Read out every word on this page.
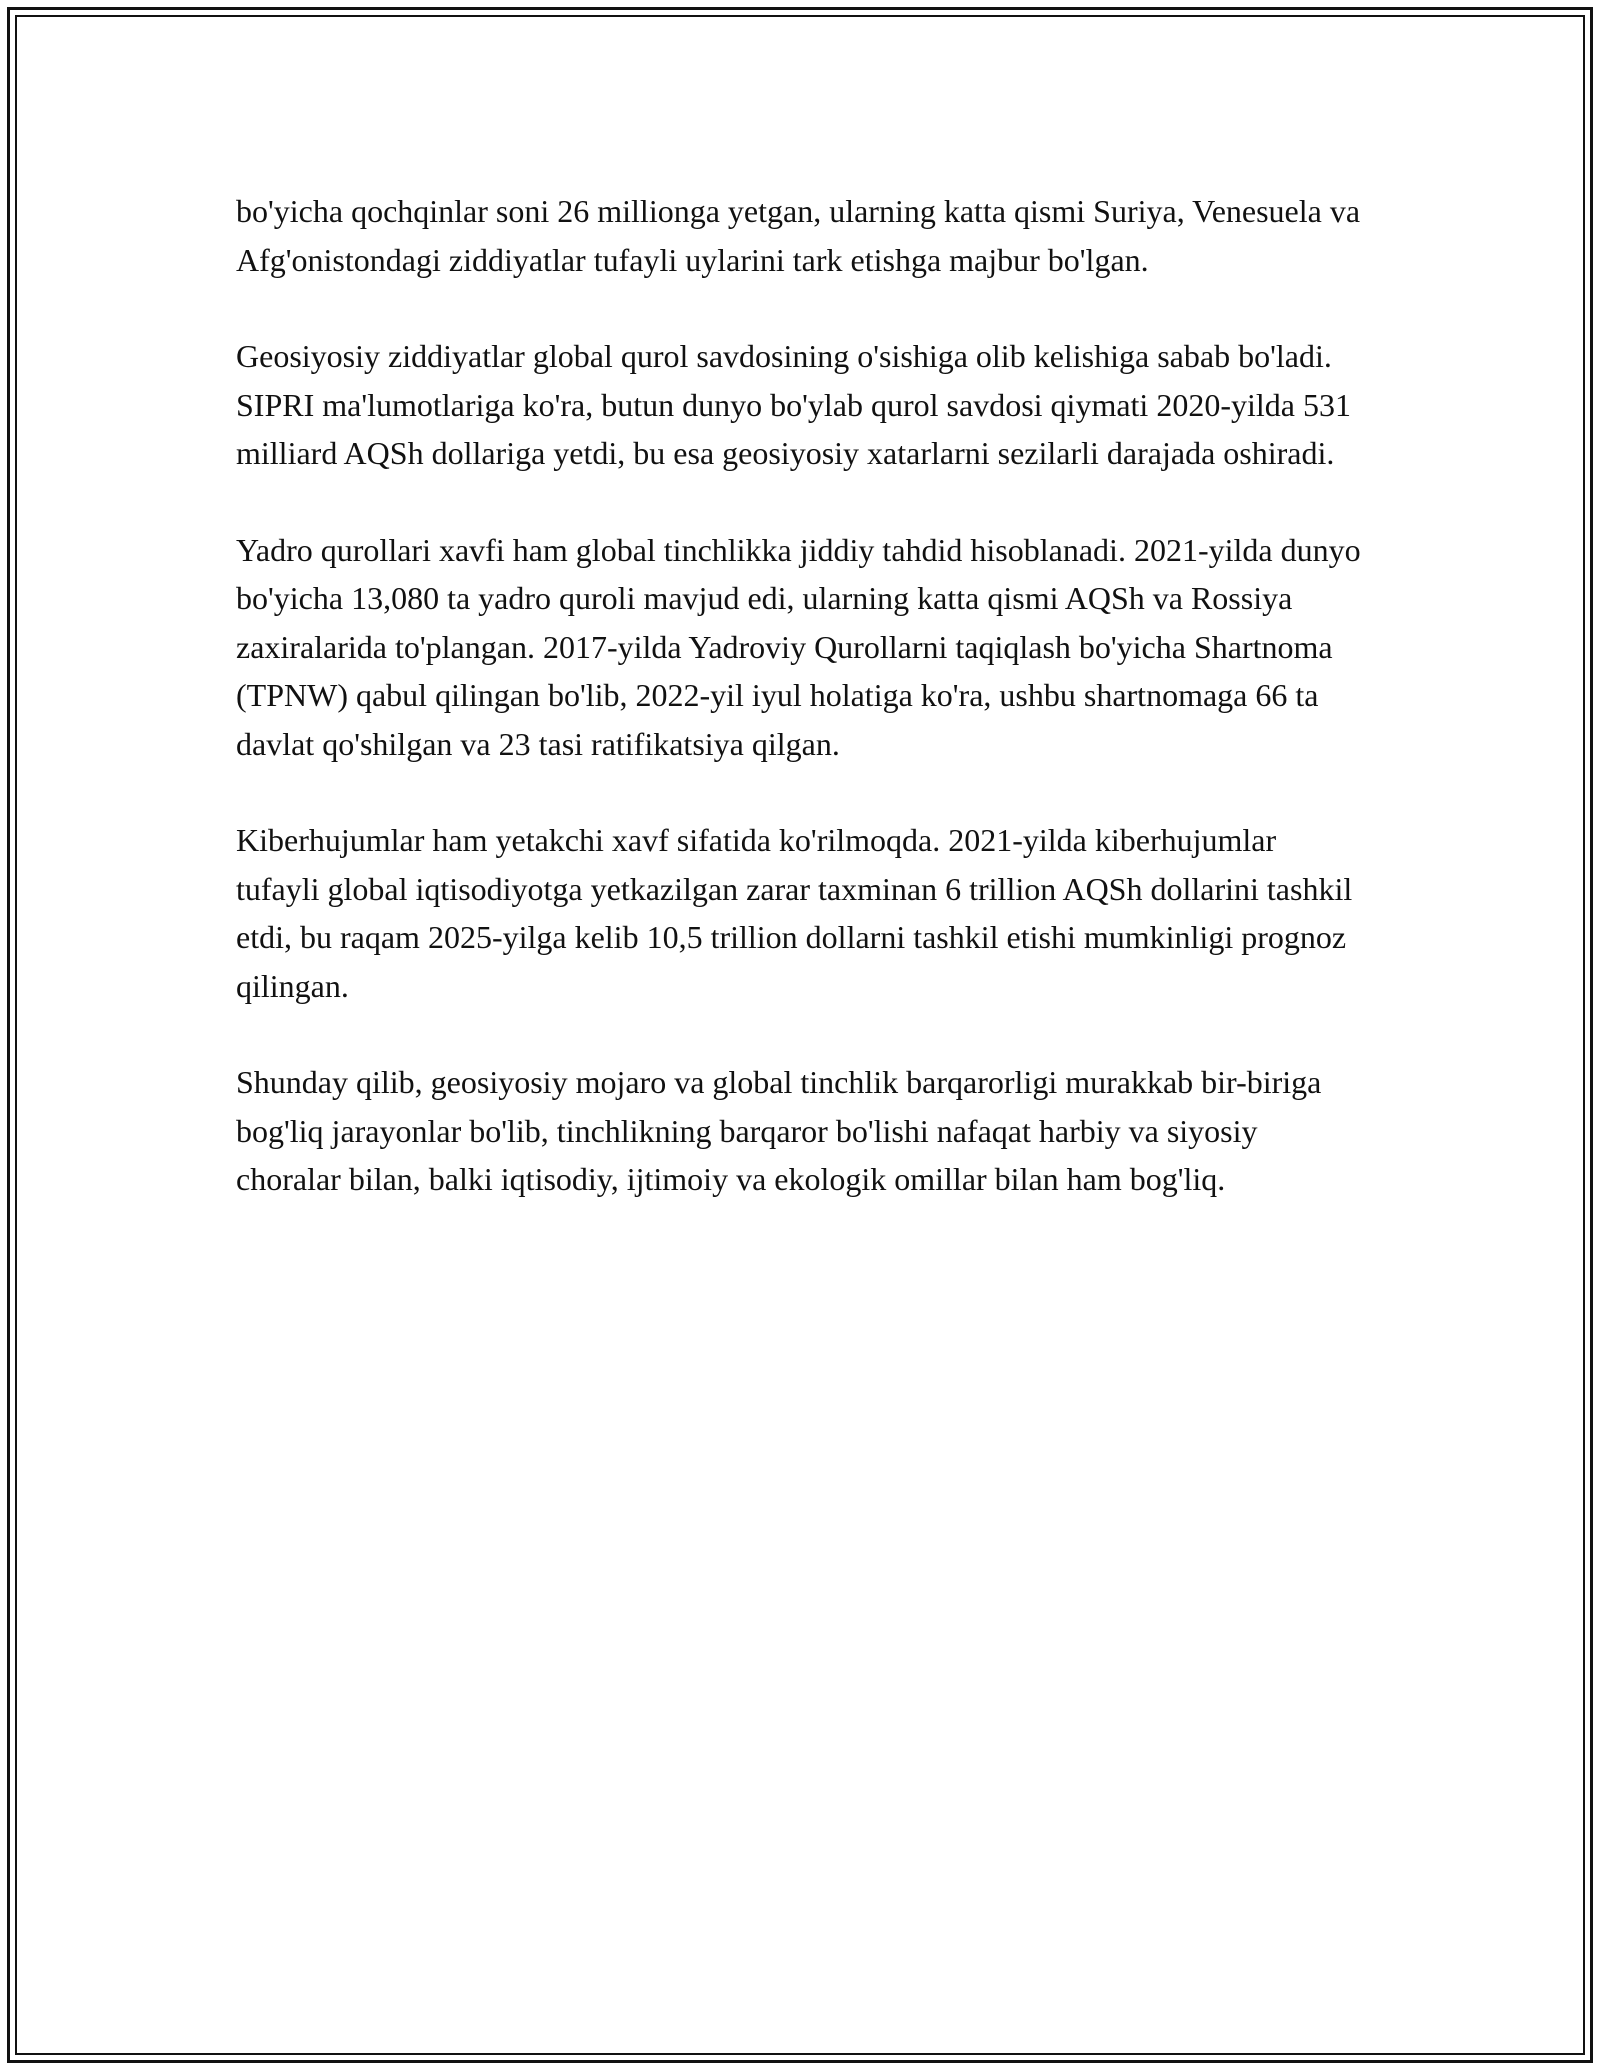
bo'yicha qochqinlar soni 26 millionga yetgan, ularning katta qismi Suriya, Venesuela va Afg'onistondagi ziddiyatlar tufayli uylarini tark etishga majbur bo'lgan.

Geosiyosiy ziddiyatlar global qurol savdosining o'sishiga olib kelishiga sabab bo'ladi. SIPRI ma'lumotlariga ko'ra, butun dunyo bo'ylab qurol savdosi qiymati 2020-yilda 531 milliard AQSh dollariga yetdi, bu esa geosiyosiy xatarlarni sezilarli darajada oshiradi.

Yadro qurollari xavfi ham global tinchlikka jiddiy tahdid hisoblanadi. 2021-yilda dunyo bo'yicha 13,080 ta yadro quroli mavjud edi, ularning katta qismi AQSh va Rossiya zaxiralarida to'plangan. 2017-yilda Yadroviy Qurollarni taqiqlash bo'yicha Shartnoma (TPNW) qabul qilingan bo'lib, 2022-yil iyul holatiga ko'ra, ushbu shartnomaga 66 ta davlat qo'shilgan va 23 tasi ratifikatsiya qilgan.

Kiberhujumlar ham yetakchi xavf sifatida ko'rilmoqda. 2021-yilda kiberhujumlar tufayli global iqtisodiyotga yetkazilgan zarar taxminan 6 trillion AQSh dollarini tashkil etdi, bu raqam 2025-yilga kelib 10,5 trillion dollarni tashkil etishi mumkinligi prognoz qilingan.

Shunday qilib, geosiyosiy mojaro va global tinchlik barqarorligi murakkab bir-biriga bog'liq jarayonlar bo'lib, tinchlikning barqaror bo'lishi nafaqat harbiy va siyosiy choralar bilan, balki iqtisodiy, ijtimoiy va ekologik omillar bilan ham bog'liq.
